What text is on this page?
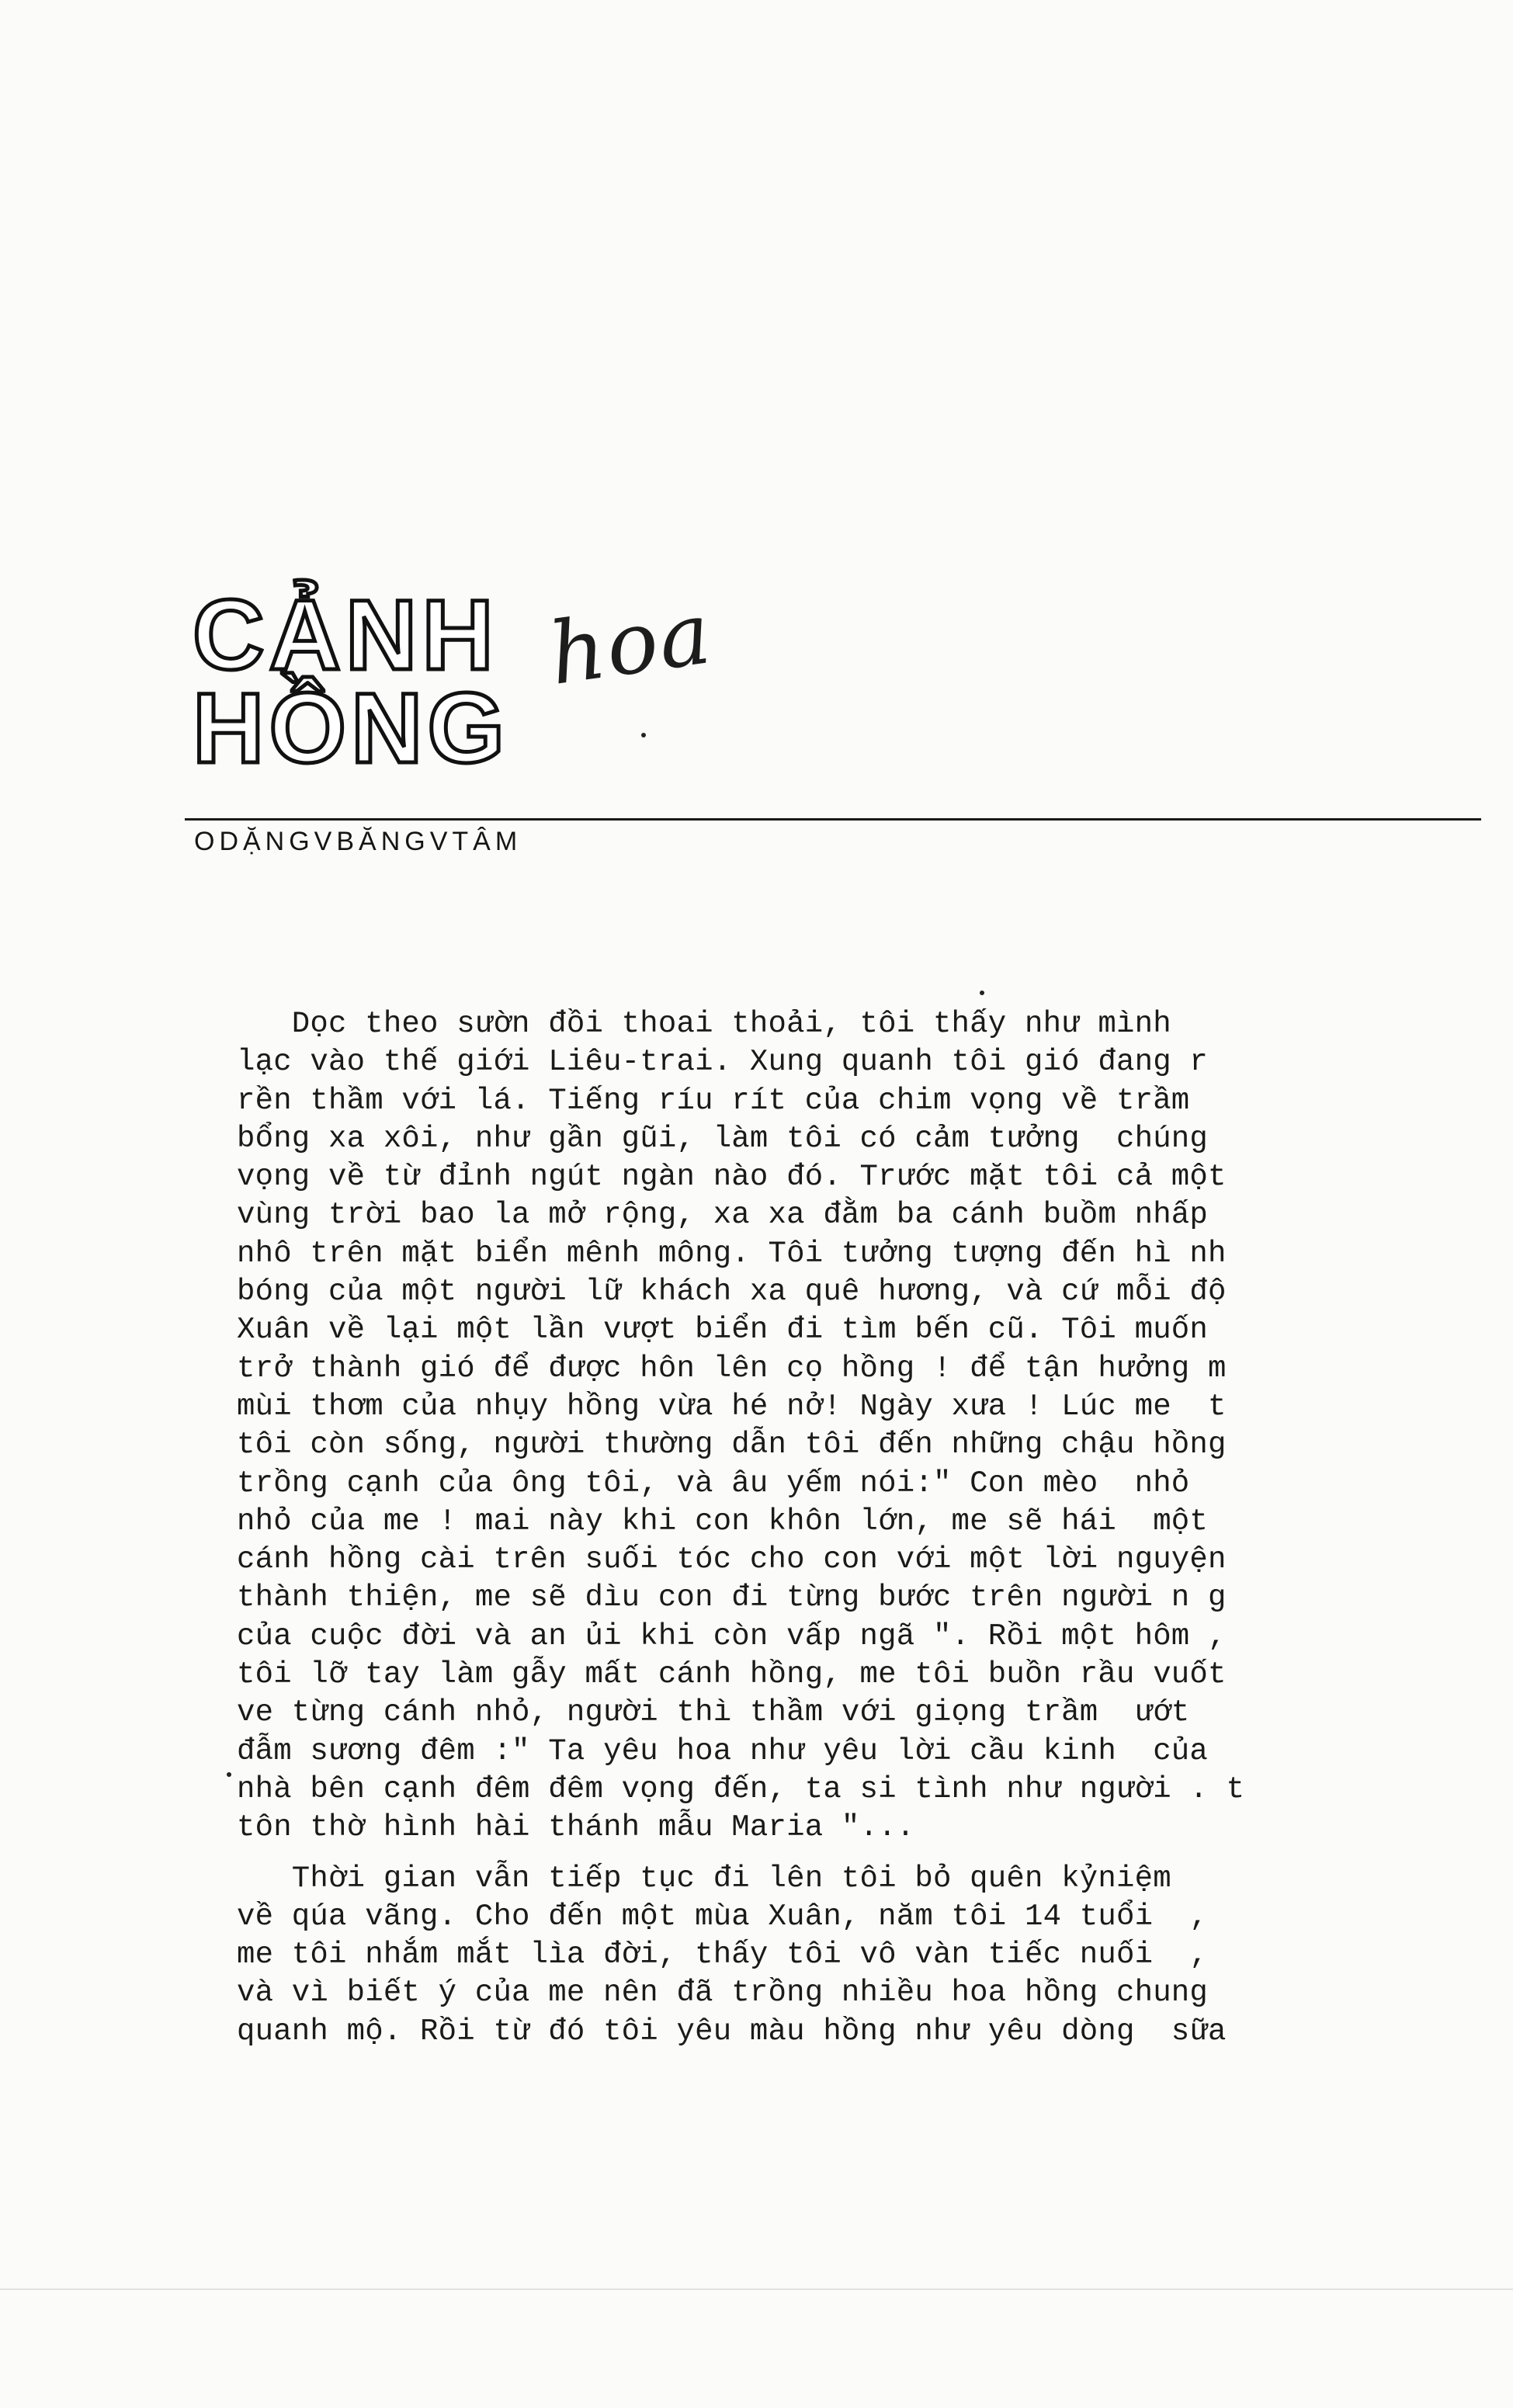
CẢNH
HỒNG
hoa
ODẶNGVBĂNGVTÂM
Dọc theo sườn đồi thoai thoải, tôi thấy như mình
lạc vào thế giới Liêu-trai. Xung quanh tôi gió đang r
rền thầm với lá. Tiếng ríu rít của chim vọng về trầm
bổng xa xôi, như gần gũi, làm tôi có cảm tưởng  chúng
vọng về từ đỉnh ngút ngàn nào đó. Trước mặt tôi cả một
vùng trời bao la mở rộng, xa xa đằm ba cánh buồm nhấp
nhô trên mặt biển mênh mông. Tôi tưởng tượng đến hì nh
bóng của một người lữ khách xa quê hương, và cứ mỗi độ
Xuân về lại một lần vượt biển đi tìm bến cũ. Tôi muốn
trở thành gió để được hôn lên cọ hồng ! để tận hưởng m
mùi thơm của nhụy hồng vừa hé nở! Ngày xưa ! Lúc me  t
tôi còn sống, người thường dẫn tôi đến những chậu hồng
trồng cạnh của ông tôi, và âu yếm nói:" Con mèo  nhỏ
nhỏ của me ! mai này khi con khôn lớn, me sẽ hái  một
cánh hồng cài trên suối tóc cho con với một lời nguyện
thành thiện, me sẽ dìu con đi từng bước trên người n g
của cuộc đời và an ủi khi còn vấp ngã ". Rồi một hôm ,
tôi lỡ tay làm gẫy mất cánh hồng, me tôi buồn rầu vuốt
ve từng cánh nhỏ, người thì thầm với giọng trầm  ướt
đẫm sương đêm :" Ta yêu hoa như yêu lời cầu kinh  của
nhà bên cạnh đêm đêm vọng đến, ta si tình như người . t
tôn thờ hình hài thánh mẫu Maria "...
Thời gian vẫn tiếp tục đi lên tôi bỏ quên kỷniệm
về qúa vãng. Cho đến một mùa Xuân, năm tôi 14 tuổi  ,
me tôi nhắm mắt lìa đời, thấy tôi vô vàn tiếc nuối  ,
và vì biết ý của me nên đã trồng nhiều hoa hồng chung
quanh mộ. Rồi từ đó tôi yêu màu hồng như yêu dòng  sữa
